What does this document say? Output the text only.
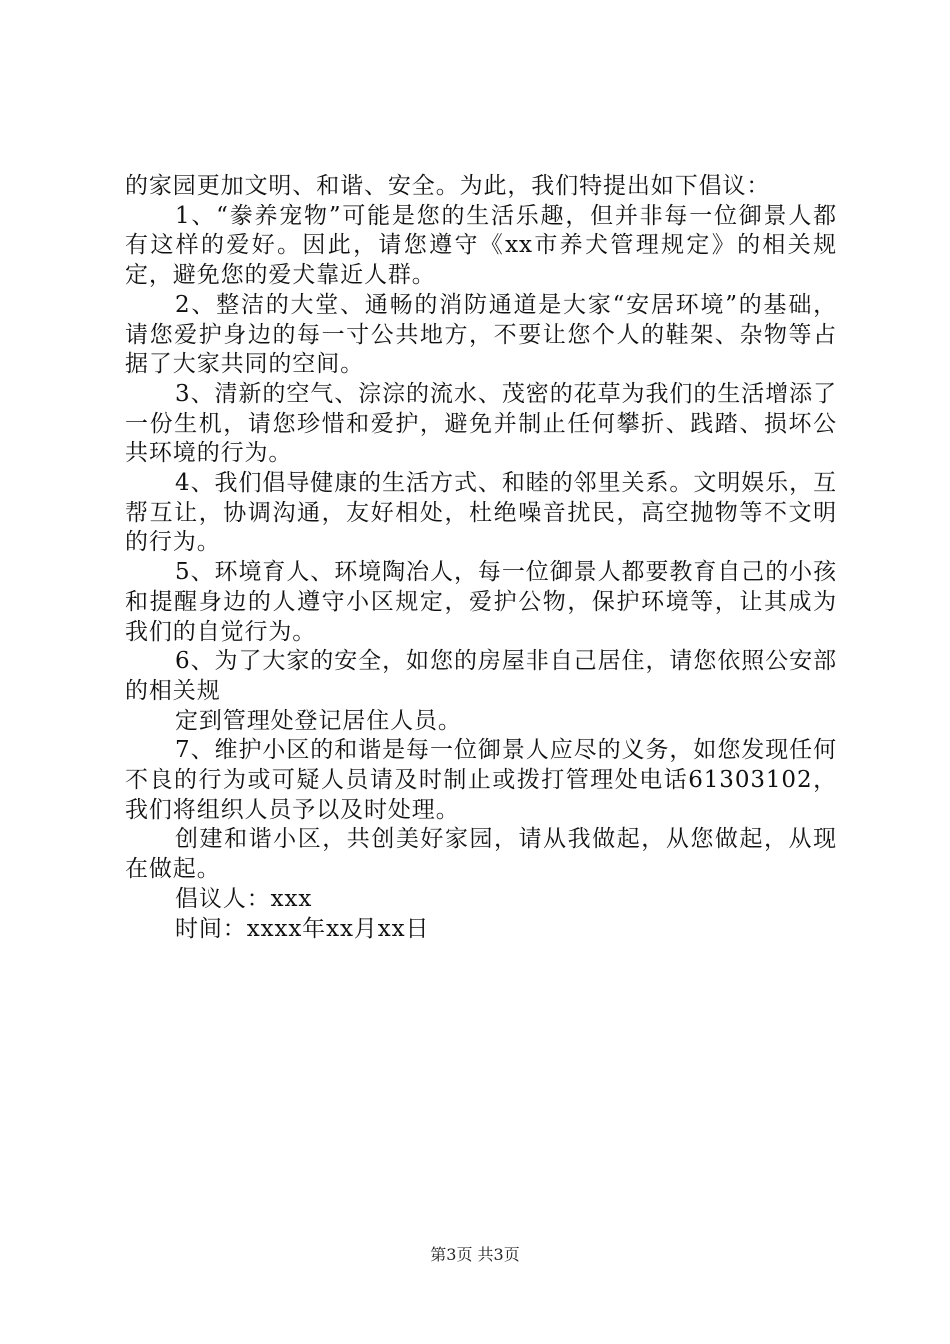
的家园更加文明、和谐、安全。为此，我们特提出如下倡议：

1、“豢养宠物”可能是您的生活乐趣，但并非每一位御景人都有这样的爱好。因此，请您遵守《xx市养犬管理规定》的相关规定，避免您的爱犬靠近人群。

2、整洁的大堂、通畅的消防通道是大家“安居环境”的基础，请您爱护身边的每一寸公共地方，不要让您个人的鞋架、杂物等占据了大家共同的空间。

3、清新的空气、淙淙的流水、茂密的花草为我们的生活增添了一份生机，请您珍惜和爱护，避免并制止任何攀折、践踏、损坏公共环境的行为。

4、我们倡导健康的生活方式、和睦的邻里关系。文明娱乐，互帮互让，协调沟通，友好相处，杜绝噪音扰民，高空抛物等不文明的行为。

5、环境育人、环境陶冶人，每一位御景人都要教育自己的小孩和提醒身边的人遵守小区规定，爱护公物，保护环境等，让其成为我们的自觉行为。

6、为了大家的安全，如您的房屋非自己居住，请您依照公安部的相关规

定到管理处登记居住人员。

7、维护小区的和谐是每一位御景人应尽的义务，如您发现任何不良的行为或可疑人员请及时制止或拨打管理处电话61303102，我们将组织人员予以及时处理。

创建和谐小区，共创美好家园，请从我做起，从您做起，从现在做起。

倡议人：xxx

时间：xxxx年xx月xx日

第3页 共3页
